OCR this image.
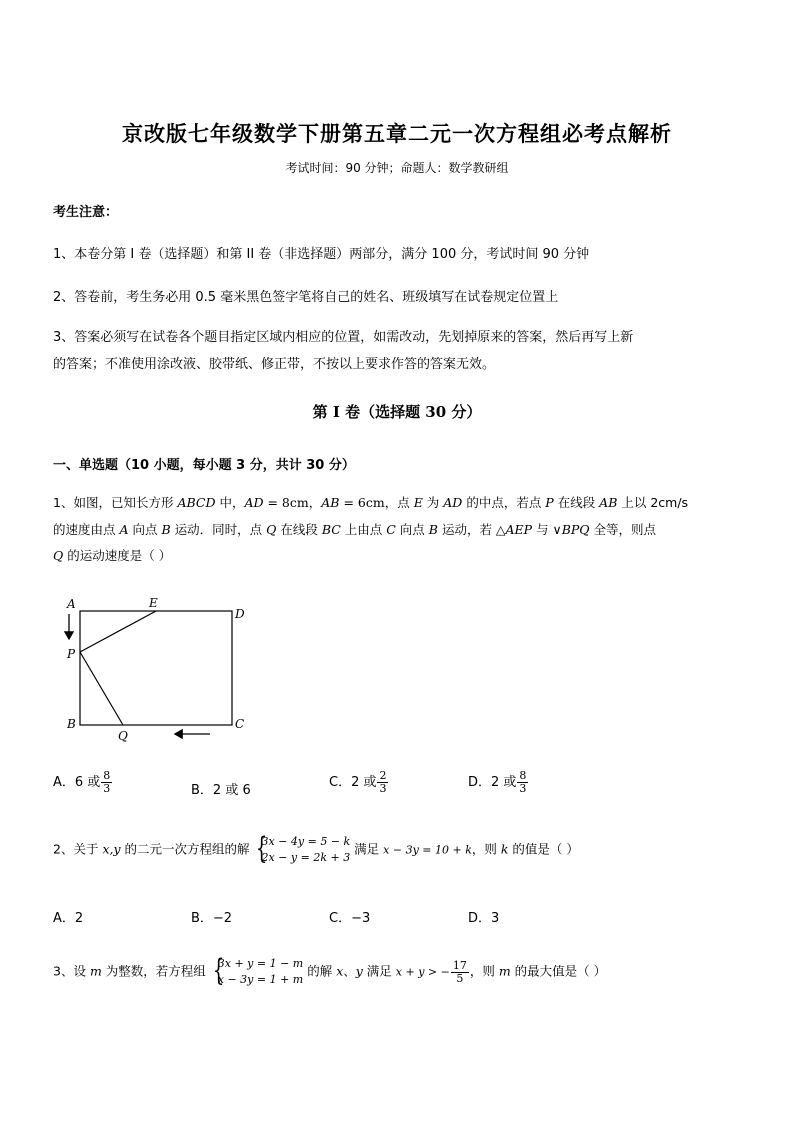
京改版七年级数学下册第五章二元一次方程组必考点解析
考试时间：90 分钟；命题人：数学教研组
考生注意：
1、本卷分第 I 卷（选择题）和第 II 卷（非选择题）两部分，满分 100 分，考试时间 90 分钟
2、答卷前，考生务必用 0.5 毫米黑色签字笔将自己的姓名、班级填写在试卷规定位置上
3、答案必须写在试卷各个题目指定区域内相应的位置，如需改动，先划掉原来的答案，然后再写上新
的答案；不准使用涂改液、胶带纸、修正带，不按以上要求作答的答案无效。
第 I 卷（选择题 30 分）
一、单选题（10 小题，每小题 3 分，共计 30 分）
1、如图，已知长方形 ABCD 中，AD = 8cm，AB = 6cm，点 E 为 AD 的中点，若点 P 在线段 AB 上以 2cm/s
的速度由点 A 向点 B 运动．同时，点 Q 在线段 BC 上由点 C 向点 B 运动，若 △AEP 与 ∨BPQ 全等，则点
Q 的运动速度是（ ）
A	E
D
P
B
Q
C
A．6 或 $\frac{8}{3}$	B．2 或 6
C．2 或 $\frac{2}{3}$	D．2 或 $\frac{8}{3}$
2、关于 x,y 的二元一次方程组的解 {
3x − 4y = 5 − k
2x − y = 2k + 3
满足 x − 3y = 10 + k，则 k 的值是（ ）
A．2	B．−2	C．−3	D．3
3、设 m 为整数，若方程组 {
3x + y = 1 − m
x − 3y = 1 + m
的解 x、y 满足 x + y > − $\frac{17}{5}$ ，则 m 的最大值是（ ）
